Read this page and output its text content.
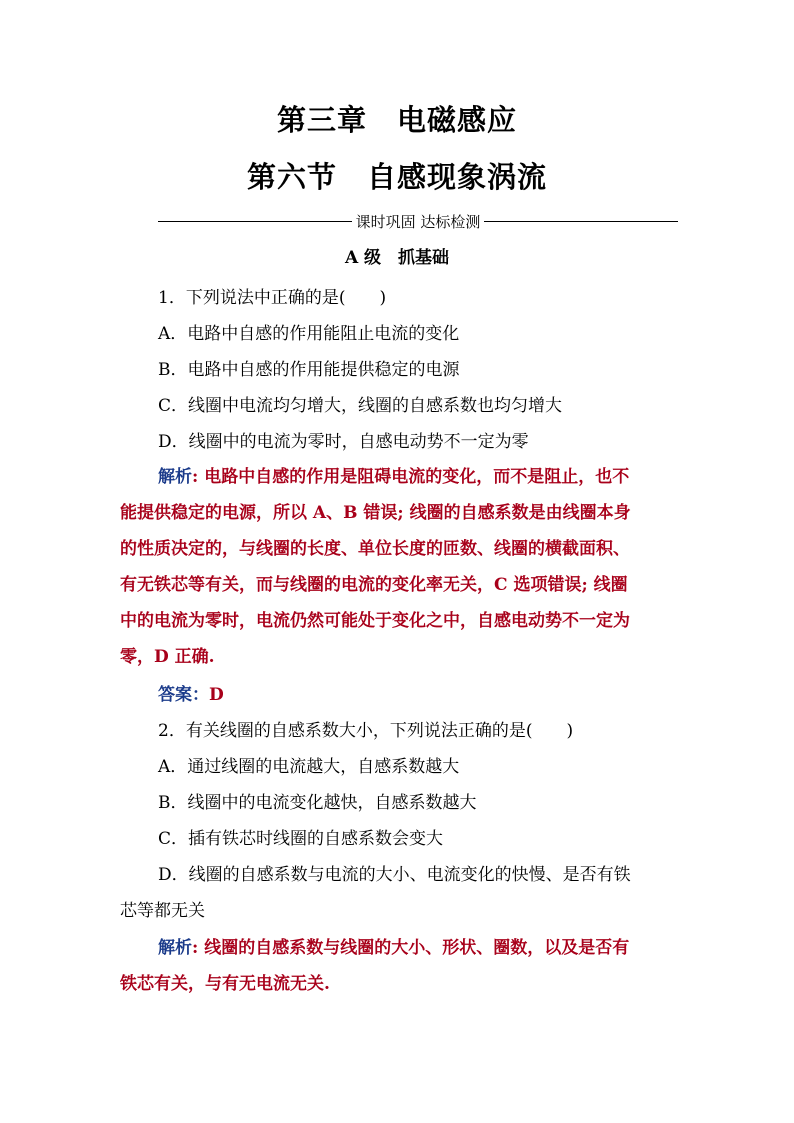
第三章　电磁感应
第六节　自感现象涡流
课时巩固 达标检测
A 级　抓基础
1．下列说法中正确的是(　　)
A．电路中自感的作用能阻止电流的变化
B．电路中自感的作用能提供稳定的电源
C．线圈中电流均匀增大，线圈的自感系数也均匀增大
D．线圈中的电流为零时，自感电动势不一定为零
解析: 电路中自感的作用是阻碍电流的变化，而不是阻止，也不
能提供稳定的电源，所以 A、B 错误; 线圈的自感系数是由线圈本身
的性质决定的，与线圈的长度、单位长度的匝数、线圈的横截面积、
有无铁芯等有关，而与线圈的电流的变化率无关，C 选项错误; 线圈
中的电流为零时，电流仍然可能处于变化之中，自感电动势不一定为
零，D 正确.
答案：D
2．有关线圈的自感系数大小，下列说法正确的是(　　)
A．通过线圈的电流越大，自感系数越大
B．线圈中的电流变化越快，自感系数越大
C．插有铁芯时线圈的自感系数会变大
D．线圈的自感系数与电流的大小、电流变化的快慢、是否有铁
芯等都无关
解析: 线圈的自感系数与线圈的大小、形状、圈数，以及是否有
铁芯有关，与有无电流无关.
